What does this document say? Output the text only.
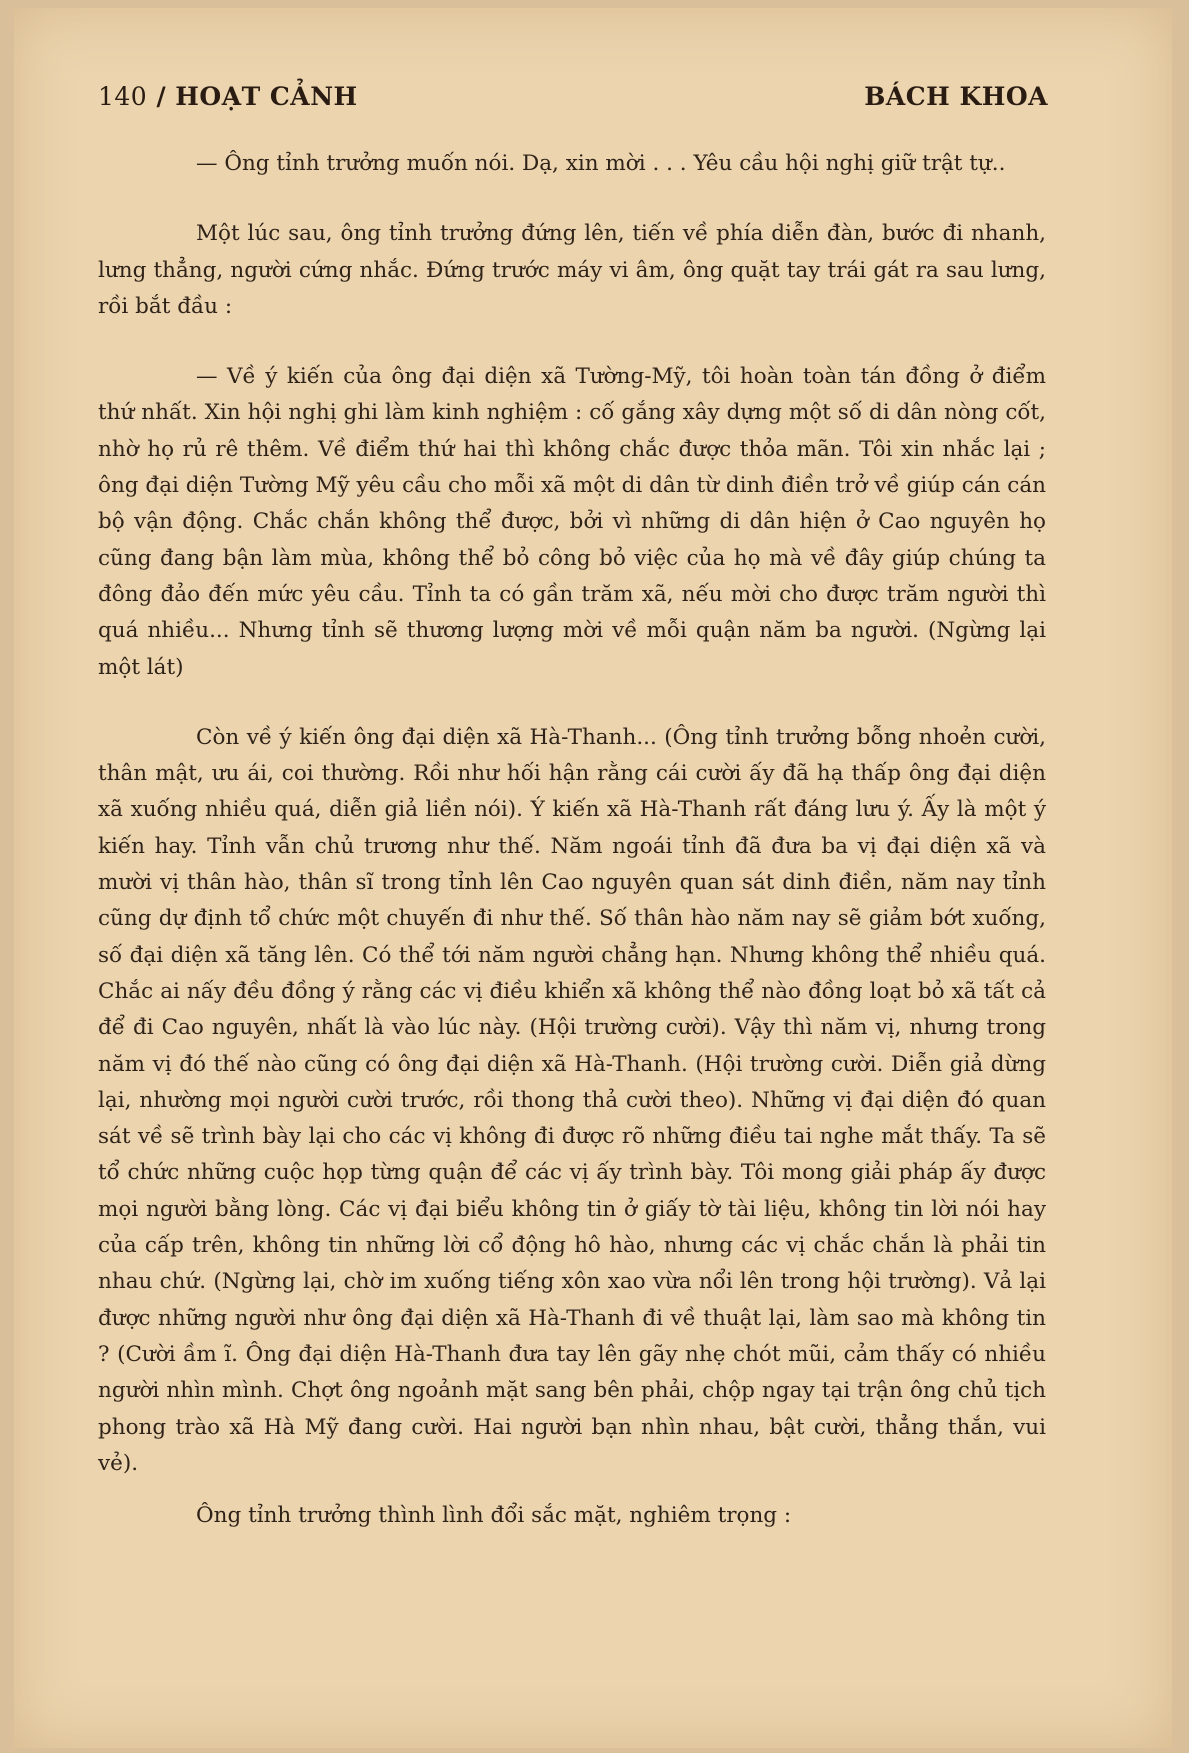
140 / HOẠT CẢNH	BÁCH KHOA

— Ông tỉnh trưởng muốn nói. Dạ, xin mời . . . Yêu cầu hội nghị giữ trật tự..

Một lúc sau, ông tỉnh trưởng đứng lên, tiến về phía diễn đàn, bước đi nhanh, lưng thẳng, người cứng nhắc. Đứng trước máy vi âm, ông quặt tay trái gát ra sau lưng, rồi bắt đầu :

— Về ý kiến của ông đại diện xã Tường-Mỹ, tôi hoàn toàn tán đồng ở điểm thứ nhất. Xin hội nghị ghi làm kinh nghiệm : cố gắng xây dựng một số di dân nòng cốt, nhờ họ rủ rê thêm. Về điểm thứ hai thì không chắc được thỏa mãn. Tôi xin nhắc lại ; ông đại diện Tường Mỹ yêu cầu cho mỗi xã một di dân từ dinh điền trở về giúp cán cán bộ vận động. Chắc chắn không thể được, bởi vì những di dân hiện ở Cao nguyên họ cũng đang bận làm mùa, không thể bỏ công bỏ việc của họ mà về đây giúp chúng ta đông đảo đến mức yêu cầu. Tỉnh ta có gần trăm xã, nếu mời cho được trăm người thì quá nhiều... Nhưng tỉnh sẽ thương lượng mời về mỗi quận năm ba người. (Ngừng lại một lát)

Còn về ý kiến ông đại diện xã Hà-Thanh... (Ông tỉnh trưởng bỗng nhoẻn cười, thân mật, ưu ái, coi thường. Rồi như hối hận rằng cái cười ấy đã hạ thấp ông đại diện xã xuống nhiều quá, diễn giả liền nói). Ý kiến xã Hà-Thanh rất đáng lưu ý. Ấy là một ý kiến hay. Tỉnh vẫn chủ trương như thế. Năm ngoái tỉnh đã đưa ba vị đại diện xã và mười vị thân hào, thân sĩ trong tỉnh lên Cao nguyên quan sát dinh điền, năm nay tỉnh cũng dự định tổ chức một chuyến đi như thế. Số thân hào năm nay sẽ giảm bớt xuống, số đại diện xã tăng lên. Có thể tới năm người chẳng hạn. Nhưng không thể nhiều quá. Chắc ai nấy đều đồng ý rằng các vị điều khiển xã không thể nào đồng loạt bỏ xã tất cả để đi Cao nguyên, nhất là vào lúc này. (Hội trường cười). Vậy thì năm vị, nhưng trong năm vị đó thế nào cũng có ông đại diện xã Hà-Thanh. (Hội trường cười. Diễn giả dừng lại, nhường mọi người cười trước, rồi thong thả cười theo). Những vị đại diện đó quan sát về sẽ trình bày lại cho các vị không đi được rõ những điều tai nghe mắt thấy. Ta sẽ tổ chức những cuộc họp từng quận để các vị ấy trình bày. Tôi mong giải pháp ấy được mọi người bằng lòng. Các vị đại biểu không tin ở giấy tờ tài liệu, không tin lời nói hay của cấp trên, không tin những lời cổ động hô hào, nhưng các vị chắc chắn là phải tin nhau chứ. (Ngừng lại, chờ im xuống tiếng xôn xao vừa nổi lên trong hội trường). Vả lại được những người như ông đại diện xã Hà-Thanh đi về thuật lại, làm sao mà không tin ? (Cười ầm ĩ. Ông đại diện Hà-Thanh đưa tay lên gãy nhẹ chót mũi, cảm thấy có nhiều người nhìn mình. Chợt ông ngoảnh mặt sang bên phải, chộp ngay tại trận ông chủ tịch phong trào xã Hà Mỹ đang cười. Hai người bạn nhìn nhau, bật cười, thẳng thắn, vui vẻ).

Ông tỉnh trưởng thình lình đổi sắc mặt, nghiêm trọng :
